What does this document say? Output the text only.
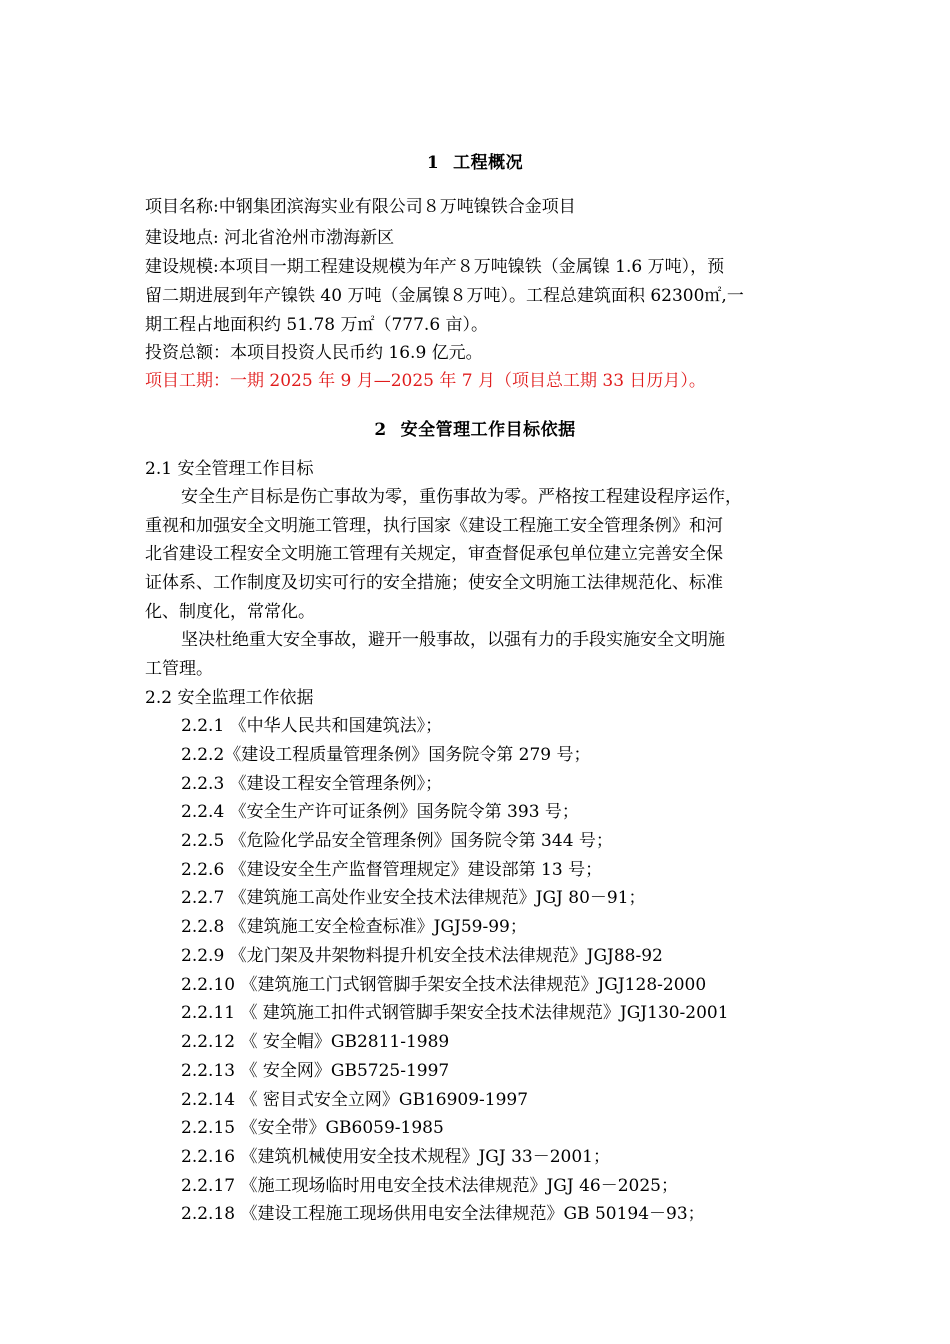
1 工程概况
项目名称:中钢集团滨海实业有限公司８万吨镍铁合金项目
建设地点: 河北省沧州市渤海新区
建设规模:本项目一期工程建设规模为年产８万吨镍铁（金属镍 1.6 万吨），预
留二期进展到年产镍铁 40 万吨（金属镍８万吨）。工程总建筑面积 62300㎡,一
期工程占地面积约 51.78 万㎡（777.6 亩）。
投资总额：本项目投资人民币约 16.9 亿元。
项目工期：一期 2025 年 9 月—2025 年 7 月（项目总工期 33 日历月）。
2 安全管理工作目标依据
2.1 安全管理工作目标
安全生产目标是伤亡事故为零，重伤事故为零。严格按工程建设程序运作，
重视和加强安全文明施工管理，执行国家《建设工程施工安全管理条例》和河
北省建设工程安全文明施工管理有关规定，审查督促承包单位建立完善安全保
证体系、工作制度及切实可行的安全措施；使安全文明施工法律规范化、标准
化、制度化，常常化。
坚决杜绝重大安全事故，避开一般事故，以强有力的手段实施安全文明施
工管理。
2.2 安全监理工作依据
2.2.1 《中华人民共和国建筑法》；
2.2.2《建设工程质量管理条例》国务院令第 279 号；
2.2.3 《建设工程安全管理条例》；
2.2.4 《安全生产许可证条例》国务院令第 393 号；
2.2.5 《危险化学品安全管理条例》国务院令第 344 号；
2.2.6 《建设安全生产监督管理规定》建设部第 13 号；
2.2.7 《建筑施工高处作业安全技术法律规范》JGJ 80－91；
2.2.8 《建筑施工安全检查标准》JGJ59-99；
2.2.9 《龙门架及井架物料提升机安全技术法律规范》JGJ88-92
2.2.10 《建筑施工门式钢管脚手架安全技术法律规范》JGJ128-2000
2.2.11 《 建筑施工扣件式钢管脚手架安全技术法律规范》JGJ130-2001
2.2.12 《 安全帽》GB2811-1989
2.2.13 《 安全网》GB5725-1997
2.2.14 《 密目式安全立网》GB16909-1997
2.2.15 《安全带》GB6059-1985
2.2.16 《建筑机械使用安全技术规程》JGJ 33－2001；
2.2.17 《施工现场临时用电安全技术法律规范》JGJ 46－2025；
2.2.18 《建设工程施工现场供用电安全法律规范》GB 50194－93；
